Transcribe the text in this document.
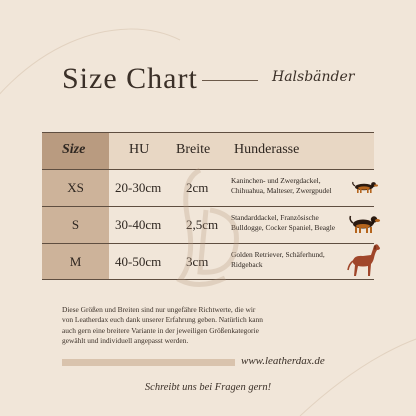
Size Chart	Halsbänder
Size	HU Breite Hunderasse
XS	20-30cm 2cm	Kaninchen- und Zwergdackel, Chihuahua, Malteser, Zwergpudel
S	30-40cm 2,5cm Standarddackel, Französische Bulldogge, Cocker Spaniel, Beagle
M	40-50cm 3cm	Golden Retriever, Schäferhund, Ridgeback
Diese Größen und Breiten sind nur ungefähre Richtwerte, die wir von Leatherdax euch dank unserer Erfahrung geben. Natürlich kann auch gern eine breitere Variante in der jeweiligen Größenkategorie gewählt und individuell angepasst werden.
www.leatherdax.de
Schreibt uns bei Fragen gern!
